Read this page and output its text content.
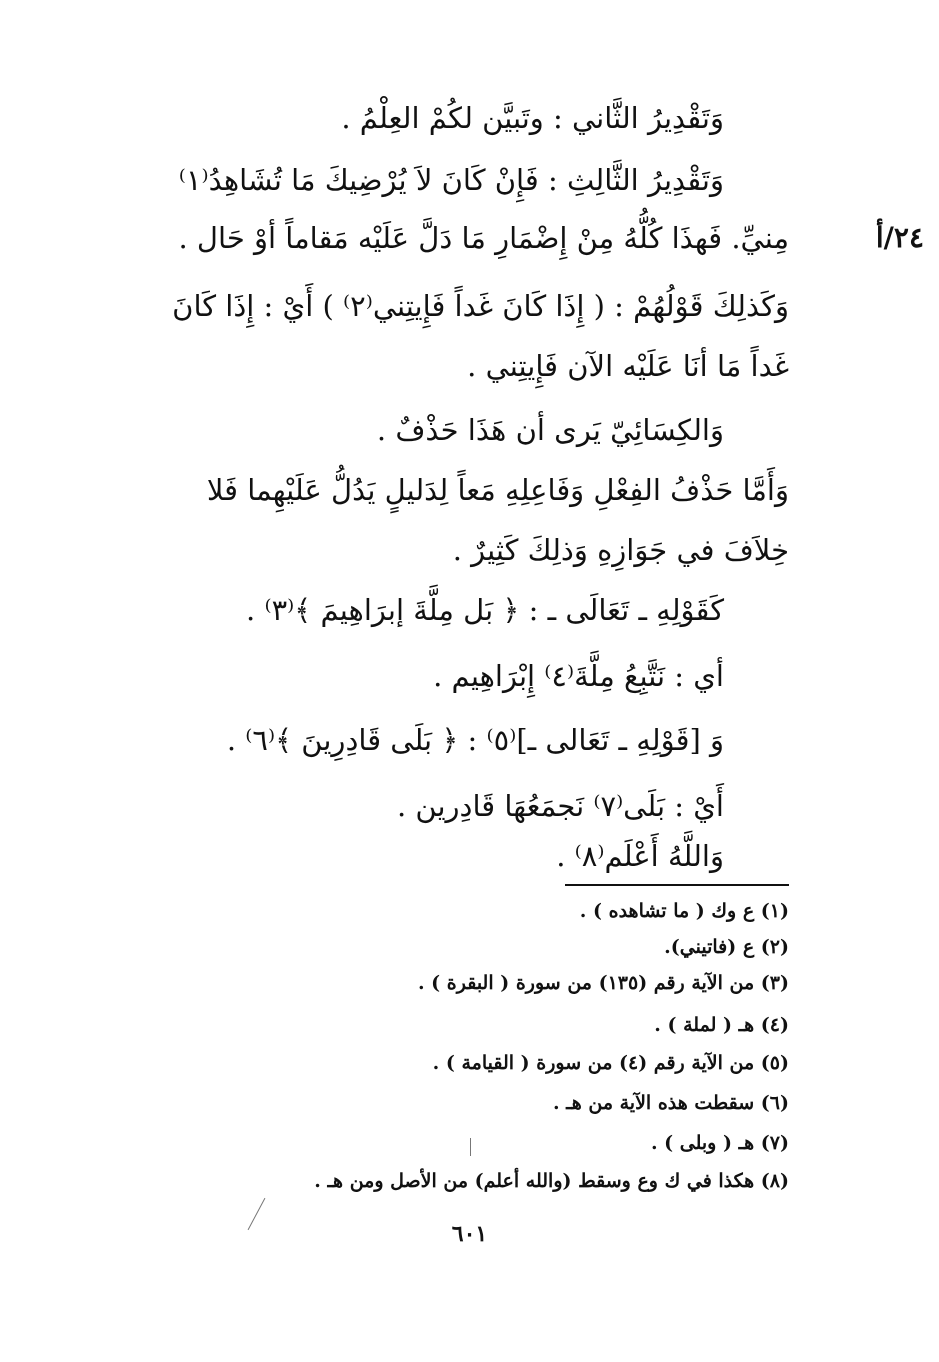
وَتَقْدِيرُ الثَّاني : وتَبيَّن لكُمْ العِلْمُ .
وَتَقْدِيرُ الثَّالِثِ : فَإِنْ كَانَ لاَ يُرْضِيكَ مَا تُشَاهِدُ⁽١⁾
مِنيِّ. فَهذَا كُلُّهُ مِنْ إِضْمَارِ مَا دَلَّ عَلَيْه مَقاماً أوْ حَال .	٢٤/أ
وَكَذلِكَ قَوْلُهُمْ : ( إِذَا كَانَ غَداً فَإِيتِني⁽٢⁾ ) أَيْ : إِذَا كَانَ
غَداً مَا أنَا عَلَيْه الآن فَإِيتِني .
وَالكِسَائِيّ يَرى أن هَذَا حَذْفٌ .
وَأَمَّا حَذْفُ الفِعْلِ وَفَاعِلِهِ مَعاً لِدَليلٍ يَدُلُّ عَلَيْهِما فَلا
خِلاَفَ في جَوَازِهِ وَذلِكَ كَثِيرٌ .
كَقَوْلِهِ ـ تَعَالَى ـ : ﴿ بَل مِلَّةَ إبرَاهِيمَ ﴾⁽٣⁾ .
أي : نَتَّبِعُ مِلَّةَ⁽٤⁾ إِبْرَاهِيم .
وَ [قَوْلِهِ ـ تَعَالى ـ]⁽٥⁾ : ﴿ بَلَى قَادِرِينَ ﴾⁽٦⁾ .
أَيْ : بَلَى⁽٧⁾ نَجمَعُهَا قَادِرين .
وَاللَّهُ أَعْلَم⁽٨⁾ .
(١) ع وك ( ما تشاهده ) .
(٢) ع (فاتيني).
(٣) من الآية رقم (١٣٥) من سورة ( البقرة ) .
(٤) هـ ( لملة ) .
(٥) من الآية رقم (٤) من سورة ( القيامة ) .
(٦) سقطت هذه الآية من هـ .
(٧) هـ ( وبلى ) .
(٨) هكذا في ك وع وسقط (والله أعلم) من الأصل ومن هـ .
٦٠١
